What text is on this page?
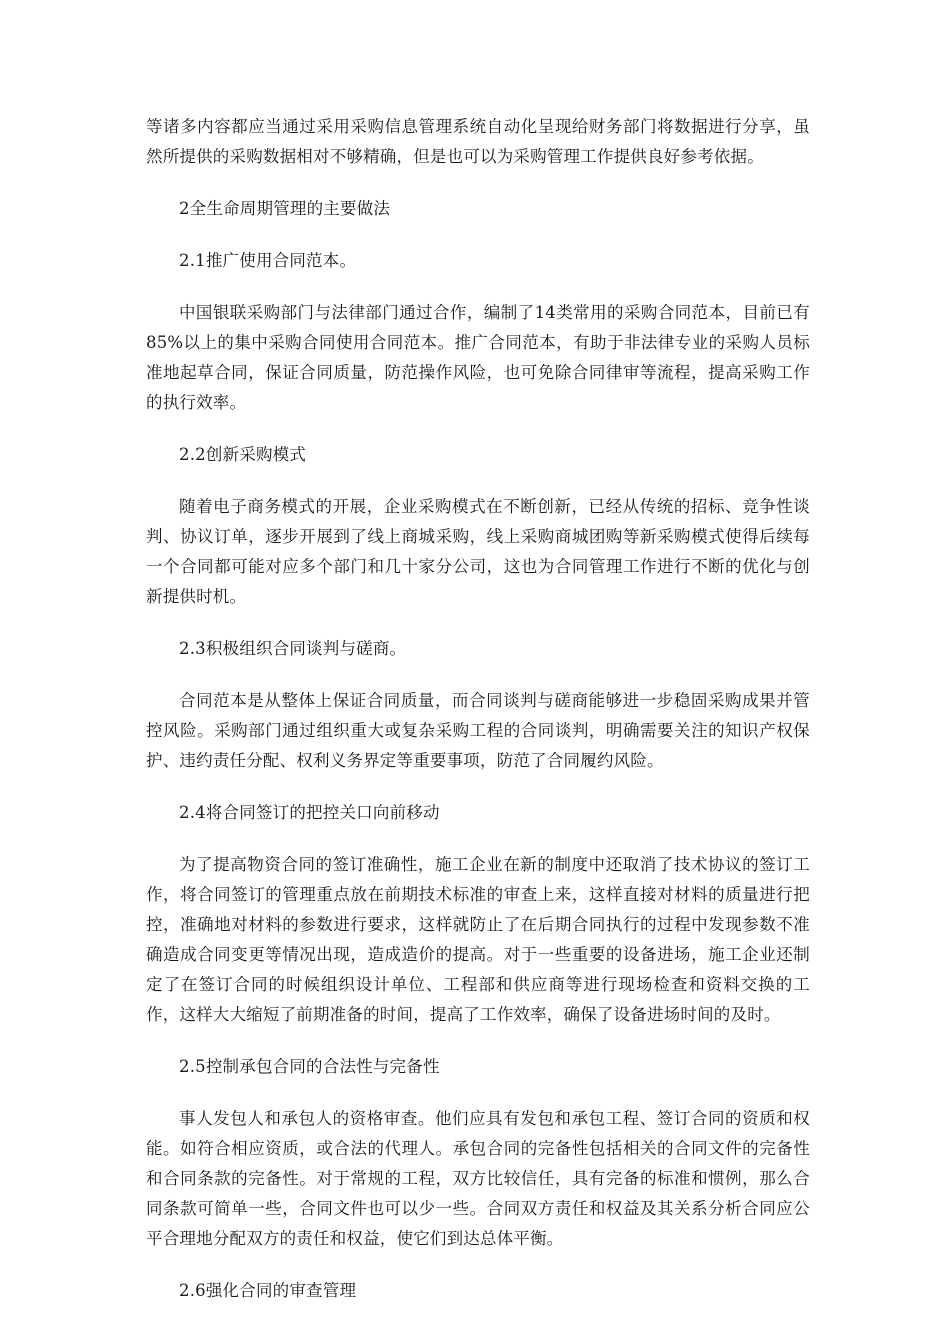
等诸多内容都应当通过采用采购信息管理系统自动化呈现给财务部门将数据进行分享，虽然所提供的采购数据相对不够精确，但是也可以为采购管理工作提供良好参考依据。

2全生命周期管理的主要做法

2.1推广使用合同范本。

中国银联采购部门与法律部门通过合作，编制了14类常用的采购合同范本，目前已有85%以上的集中采购合同使用合同范本。推广合同范本，有助于非法律专业的采购人员标准地起草合同，保证合同质量，防范操作风险，也可免除合同律审等流程，提高采购工作的执行效率。

2.2创新采购模式

随着电子商务模式的开展，企业采购模式在不断创新，已经从传统的招标、竞争性谈判、协议订单，逐步开展到了线上商城采购，线上采购商城团购等新采购模式使得后续每一个合同都可能对应多个部门和几十家分公司，这也为合同管理工作进行不断的优化与创新提供时机。

2.3积极组织合同谈判与磋商。

合同范本是从整体上保证合同质量，而合同谈判与磋商能够进一步稳固采购成果并管控风险。采购部门通过组织重大或复杂采购工程的合同谈判，明确需要关注的知识产权保护、违约责任分配、权利义务界定等重要事项，防范了合同履约风险。

2.4将合同签订的把控关口向前移动

为了提高物资合同的签订准确性，施工企业在新的制度中还取消了技术协议的签订工作，将合同签订的管理重点放在前期技术标准的审查上来，这样直接对材料的质量进行把控，准确地对材料的参数进行要求，这样就防止了在后期合同执行的过程中发现参数不准确造成合同变更等情况出现，造成造价的提高。对于一些重要的设备进场，施工企业还制定了在签订合同的时候组织设计单位、工程部和供应商等进行现场检查和资料交换的工作，这样大大缩短了前期准备的时间，提高了工作效率，确保了设备进场时间的及时。

2.5控制承包合同的合法性与完备性

事人发包人和承包人的资格审查。他们应具有发包和承包工程、签订合同的资质和权能。如符合相应资质，或合法的代理人。承包合同的完备性包括相关的合同文件的完备性和合同条款的完备性。对于常规的工程，双方比较信任，具有完备的标准和惯例，那么合同条款可简单一些，合同文件也可以少一些。合同双方责任和权益及其关系分析合同应公平合理地分配双方的责任和权益，使它们到达总体平衡。

2.6强化合同的审查管理
